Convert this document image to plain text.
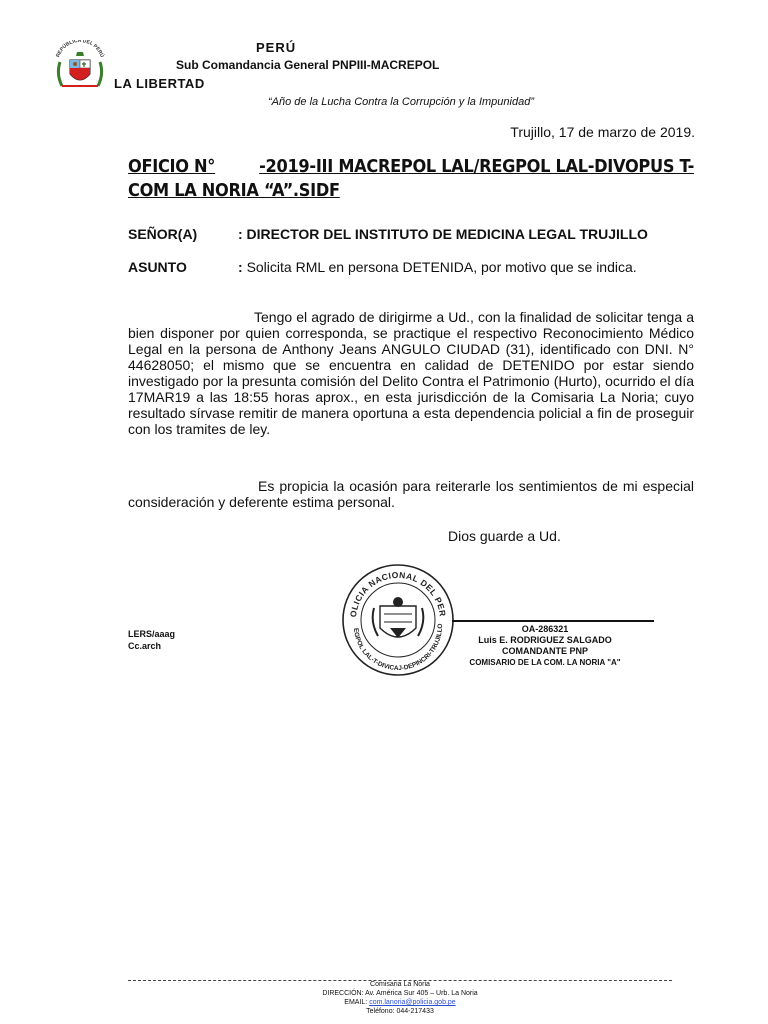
REPÚBLICA DEL PERÚ
PERÚ
Sub Comandancia General PNPIII-MACREPOL
LA LIBERTAD
“Año de la Lucha Contra la Corrupción y la Impunidad”
Trujillo, 17 de marzo de 2019.
OFICIO N° -2019-III MACREPOL LAL/REGPOL LAL-DIVOPUS T-COM LA NORIA “A”.SIDF
SEÑOR(A)	: DIRECTOR DEL INSTITUTO DE MEDICINA LEGAL TRUJILLO
ASUNTO	: Solicita RML en persona DETENIDA, por motivo que se indica.
Tengo el agrado de dirigirme a Ud., con la finalidad de solicitar tenga a bien disponer por quien corresponda, se practique el respectivo Reconocimiento Médico Legal en la persona de Anthony Jeans ANGULO CIUDAD (31), identificado con DNI. N° 44628050; el mismo que se encuentra en calidad de DETENIDO por estar siendo investigado por la presunta comisión del Delito Contra el Patrimonio (Hurto), ocurrido el día 17MAR19 a las 18:55 horas aprox., en esta jurisdicción de la Comisaria La Noria; cuyo resultado sírvase remitir de manera oportuna a esta dependencia policial a fin de proseguir con los tramites de ley.
Es propicia la ocasión para reiterarle los sentimientos de mi especial consideración y deferente estima personal.
Dios guarde a Ud.
LERS/aaag
Cc.arch
OLICIA NACIONAL DEL PER
EGPOL LAL-T-DIVICAJ-DEPINCRI-TRUJILLO	OA-286321
Luis E. RODRIGUEZ SALGADO
COMANDANTE PNP
COMISARIO DE LA COM. LA NORIA "A"
Comisaria La Noria
DIRECCIÓN: Av. América Sur 405 – Urb. La Noria
EMAIL: com.lanoria@policia.gob.pe
Teléfono: 044-217433
